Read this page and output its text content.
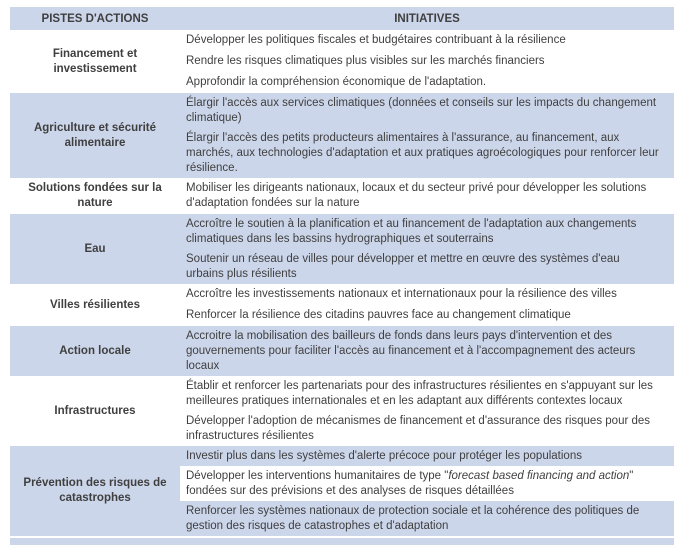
PISTES D'ACTIONS	INITIATIVES
Financement et investissement
Développer les politiques fiscales et budgétaires contribuant à la résilience
Rendre les risques climatiques plus visibles sur les marchés financiers
Approfondir la compréhension économique de l'adaptation.
Agriculture et sécurité alimentaire
Élargir l'accès aux services climatiques (données et conseils sur les impacts du changement climatique)
Élargir l'accès des petits producteurs alimentaires à l'assurance, au financement, aux marchés, aux technologies d'adaptation et aux pratiques agroécologiques pour renforcer leur résilience.
Solutions fondées sur la nature
Mobiliser les dirigeants nationaux, locaux et du secteur privé pour développer les solutions d'adaptation fondées sur la nature
Eau
Accroître le soutien à la planification et au financement de l'adaptation aux changements climatiques dans les bassins hydrographiques et souterrains
Soutenir un réseau de villes pour développer et mettre en œuvre des systèmes d'eau urbains plus résilients
Villes résilientes
Accroître les investissements nationaux et internationaux pour la résilience des villes
Renforcer la résilience des citadins pauvres face au changement climatique
Action locale
Accroitre la mobilisation des bailleurs de fonds dans leurs pays d'intervention et des gouvernements pour faciliter l'accès au financement et à l'accompagnement des acteurs locaux
Infrastructures
Établir et renforcer les partenariats pour des infrastructures résilientes en s'appuyant sur les meilleures pratiques internationales et en les adaptant aux différents contextes locaux
Développer l'adoption de mécanismes de financement et d'assurance des risques pour des infrastructures résilientes
Prévention des risques de catastrophes
Investir plus dans les systèmes d'alerte précoce pour protéger les populations
Développer les interventions humanitaires de type "forecast based financing and action" fondées sur des prévisions et des analyses de risques détaillées
Renforcer les systèmes nationaux de protection sociale et la cohérence des politiques de gestion des risques de catastrophes et d'adaptation
